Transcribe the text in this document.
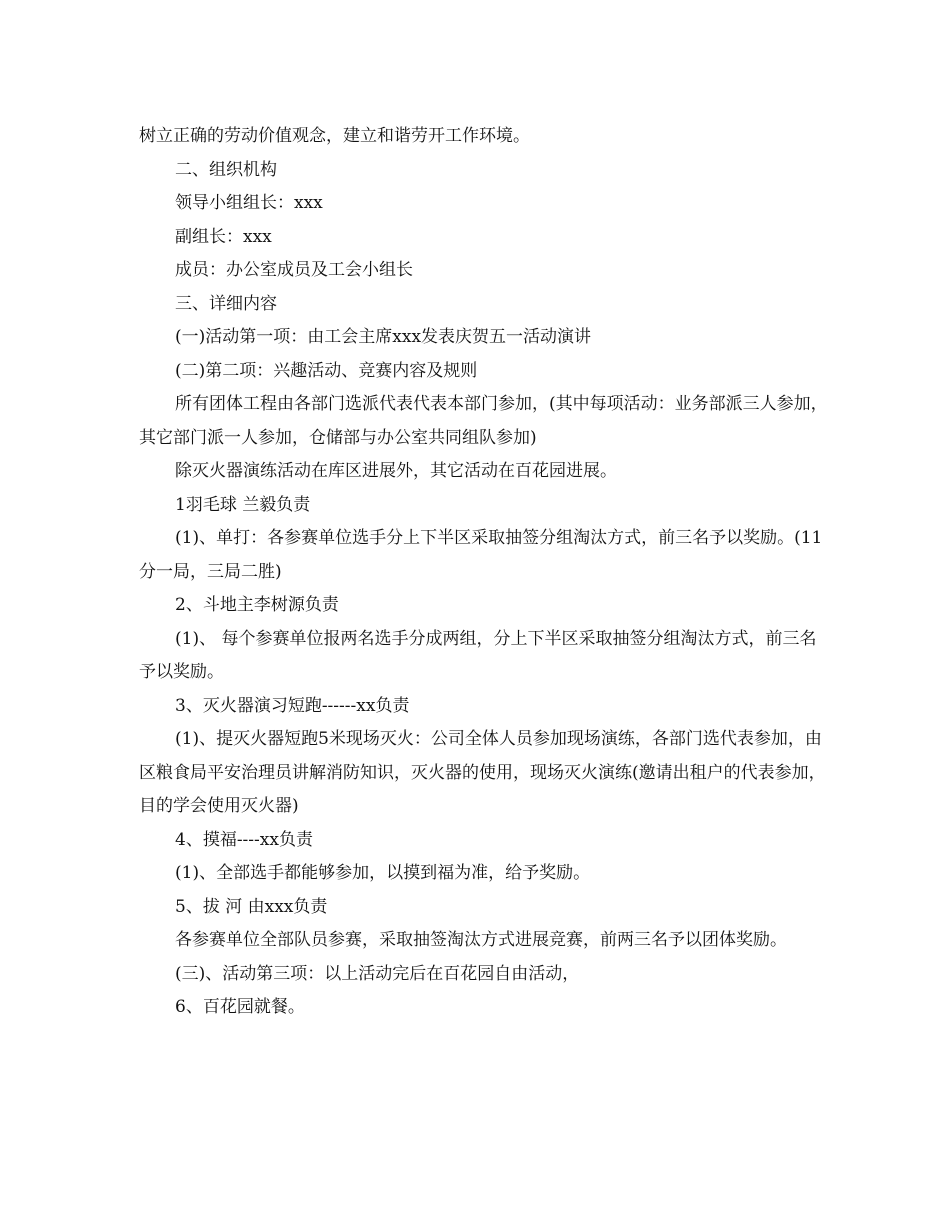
树立正确的劳动价值观念，建立和谐劳开工作环境。

二、组织机构

领导小组组长：xxx

副组长：xxx

成员：办公室成员及工会小组长

三、详细内容

(一)活动第一项：由工会主席xxx发表庆贺五一活动演讲

(二)第二项：兴趣活动、竞赛内容及规则

所有团体工程由各部门选派代表代表本部门参加，(其中每项活动：业务部派三人参加，其它部门派一人参加，仓储部与办公室共同组队参加)

除灭火器演练活动在库区进展外，其它活动在百花园进展。

1羽毛球 兰毅负责

(1)、单打：各参赛单位选手分上下半区采取抽签分组淘汰方式，前三名予以奖励。(11分一局，三局二胜)

2、斗地主李树源负责

(1)、 每个参赛单位报两名选手分成两组，分上下半区采取抽签分组淘汰方式，前三名予以奖励。

3、灭火器演习短跑------xx负责

(1)、提灭火器短跑5米现场灭火：公司全体人员参加现场演练，各部门选代表参加，由区粮食局平安治理员讲解消防知识，灭火器的使用，现场灭火演练(邀请出租户的代表参加，目的学会使用灭火器)

4、摸福----xx负责

(1)、全部选手都能够参加，以摸到福为准，给予奖励。

5、拔 河 由xxx负责

各参赛单位全部队员参赛，采取抽签淘汰方式进展竞赛，前两三名予以团体奖励。

(三)、活动第三项：以上活动完后在百花园自由活动，

6、百花园就餐。
